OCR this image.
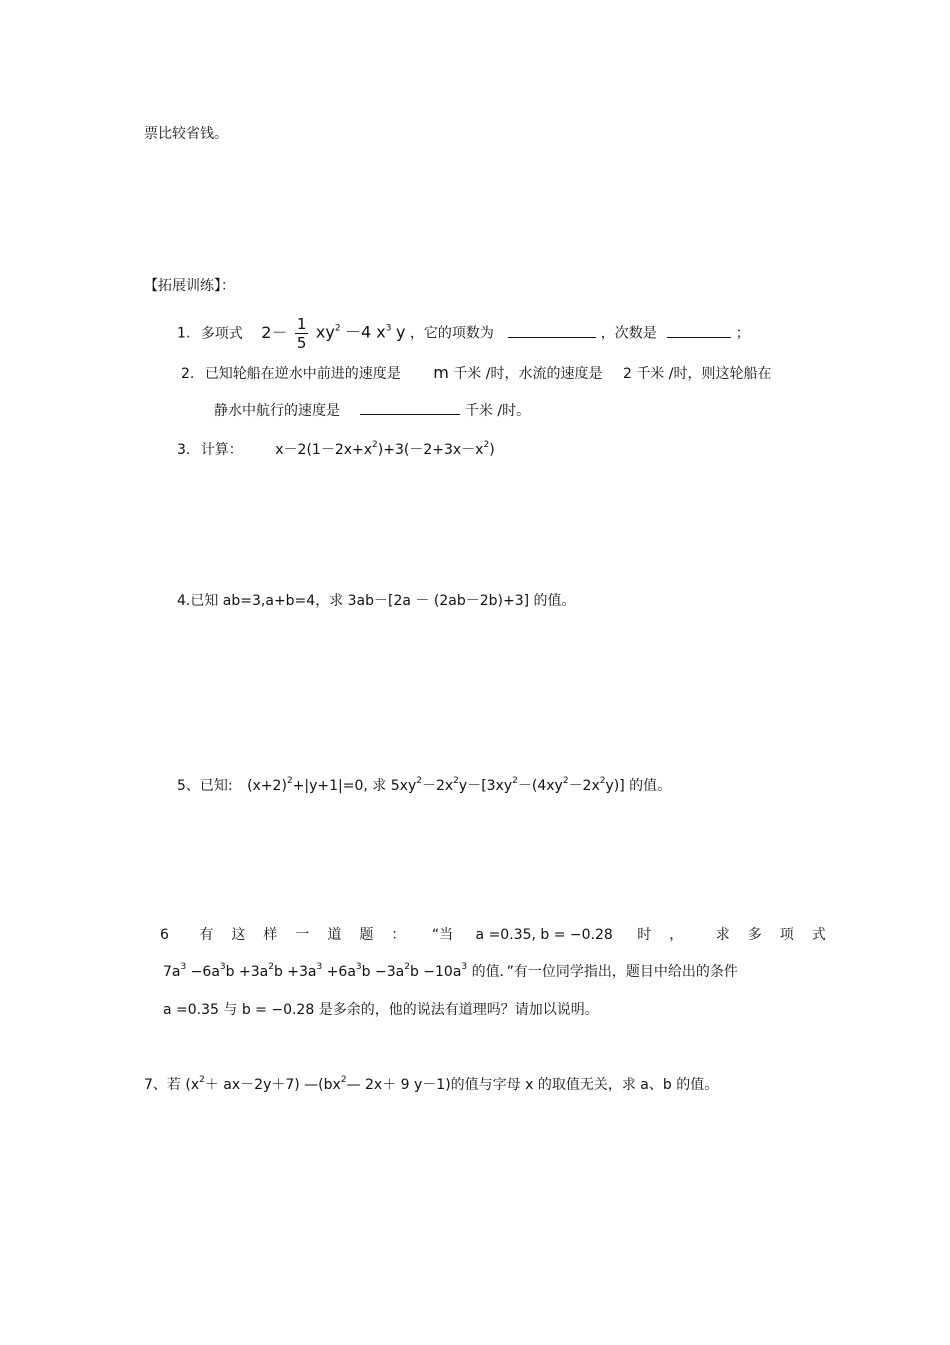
票比较省钱。
【拓展训练】：
1. 多项式 $2- \frac{1}{5} xy^2 -4$ $x^3$ y ，它的项数为	，次数是	；
2. 已知轮船在逆水中前进的速度是 m 千米 /时，水流的速度是 2 千米 /时，则这轮船在
静水中航行的速度是	千米 /时。
3. 计算： $x-2(1-2x+x^2)+3(-2+3x-x^2)$
4.已知 ab=3,a+b=4，求 3ab－[2a － (2ab－2b)+3] 的值。
5、已知: $(x+2)^2+|y+1|=0$, 求 $5xy^2-2x^2y-[3xy^2-(4xy^2-2x^2y)]$ 的值。
6 有这样一道题： “当 a =0.35, b = −0.28 时， 求多项式
$7a^3 -6a^3b +3a^2b +3a^3 +6a^3b -3a^2b -10a^3$ 的值．”有一位同学指出，题目中给出的条件
a =0.35 与 b = −0.28 是多余的，他的说法有道理吗？请加以说明。
7、若 $(x^2+ ax-2y+7)$ $—(bx^2—$ 2x＋ 9 y－1)的值与字母 x 的取值无关，求 a、b 的值。
